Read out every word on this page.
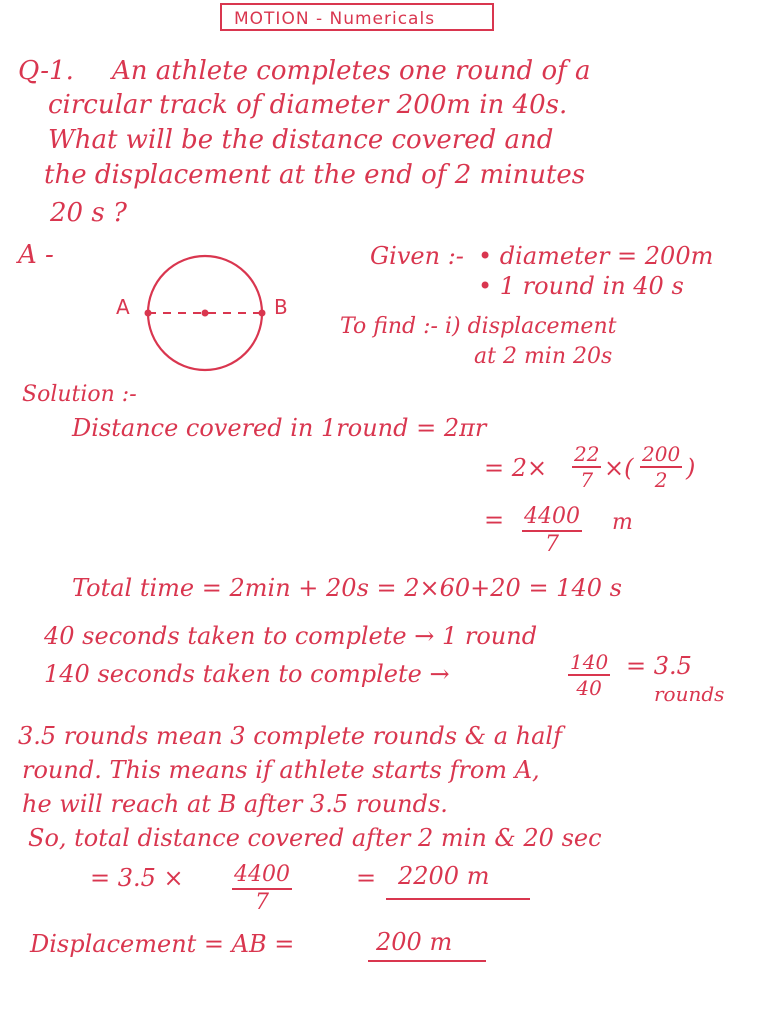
MOTION - Numericals
Q-1. An athlete completes one round of a
circular track of diameter 200m in 40s.
What will be the distance covered and
the displacement at the end of 2 minutes
20 s ?
A -
A	B
Given :- • diameter = 200m
• 1 round in 40 s
To find :- i) displacement
at 2 min 20s
Solution :-
Distance covered in 1round = 2πr
= $2\times \frac{22}{7}$ ×( $\frac{200}{2}$ )
= $\frac{4400}{7}$ m
Total time = 2min + 20s = 2×60+20 = 140 s
40 seconds taken to complete → 1 round
140 seconds taken to complete →	$\frac{140}{40} = 3.5$
rounds
3.5 rounds mean 3 complete rounds & a half
round. This means if athlete starts from A,
he will reach at B after 3.5 rounds.
So, total distance covered after 2 min & 20 sec
= $3.5 \times \frac{4400}{7}$	= 2200 m
Displacement = AB =	200 m
